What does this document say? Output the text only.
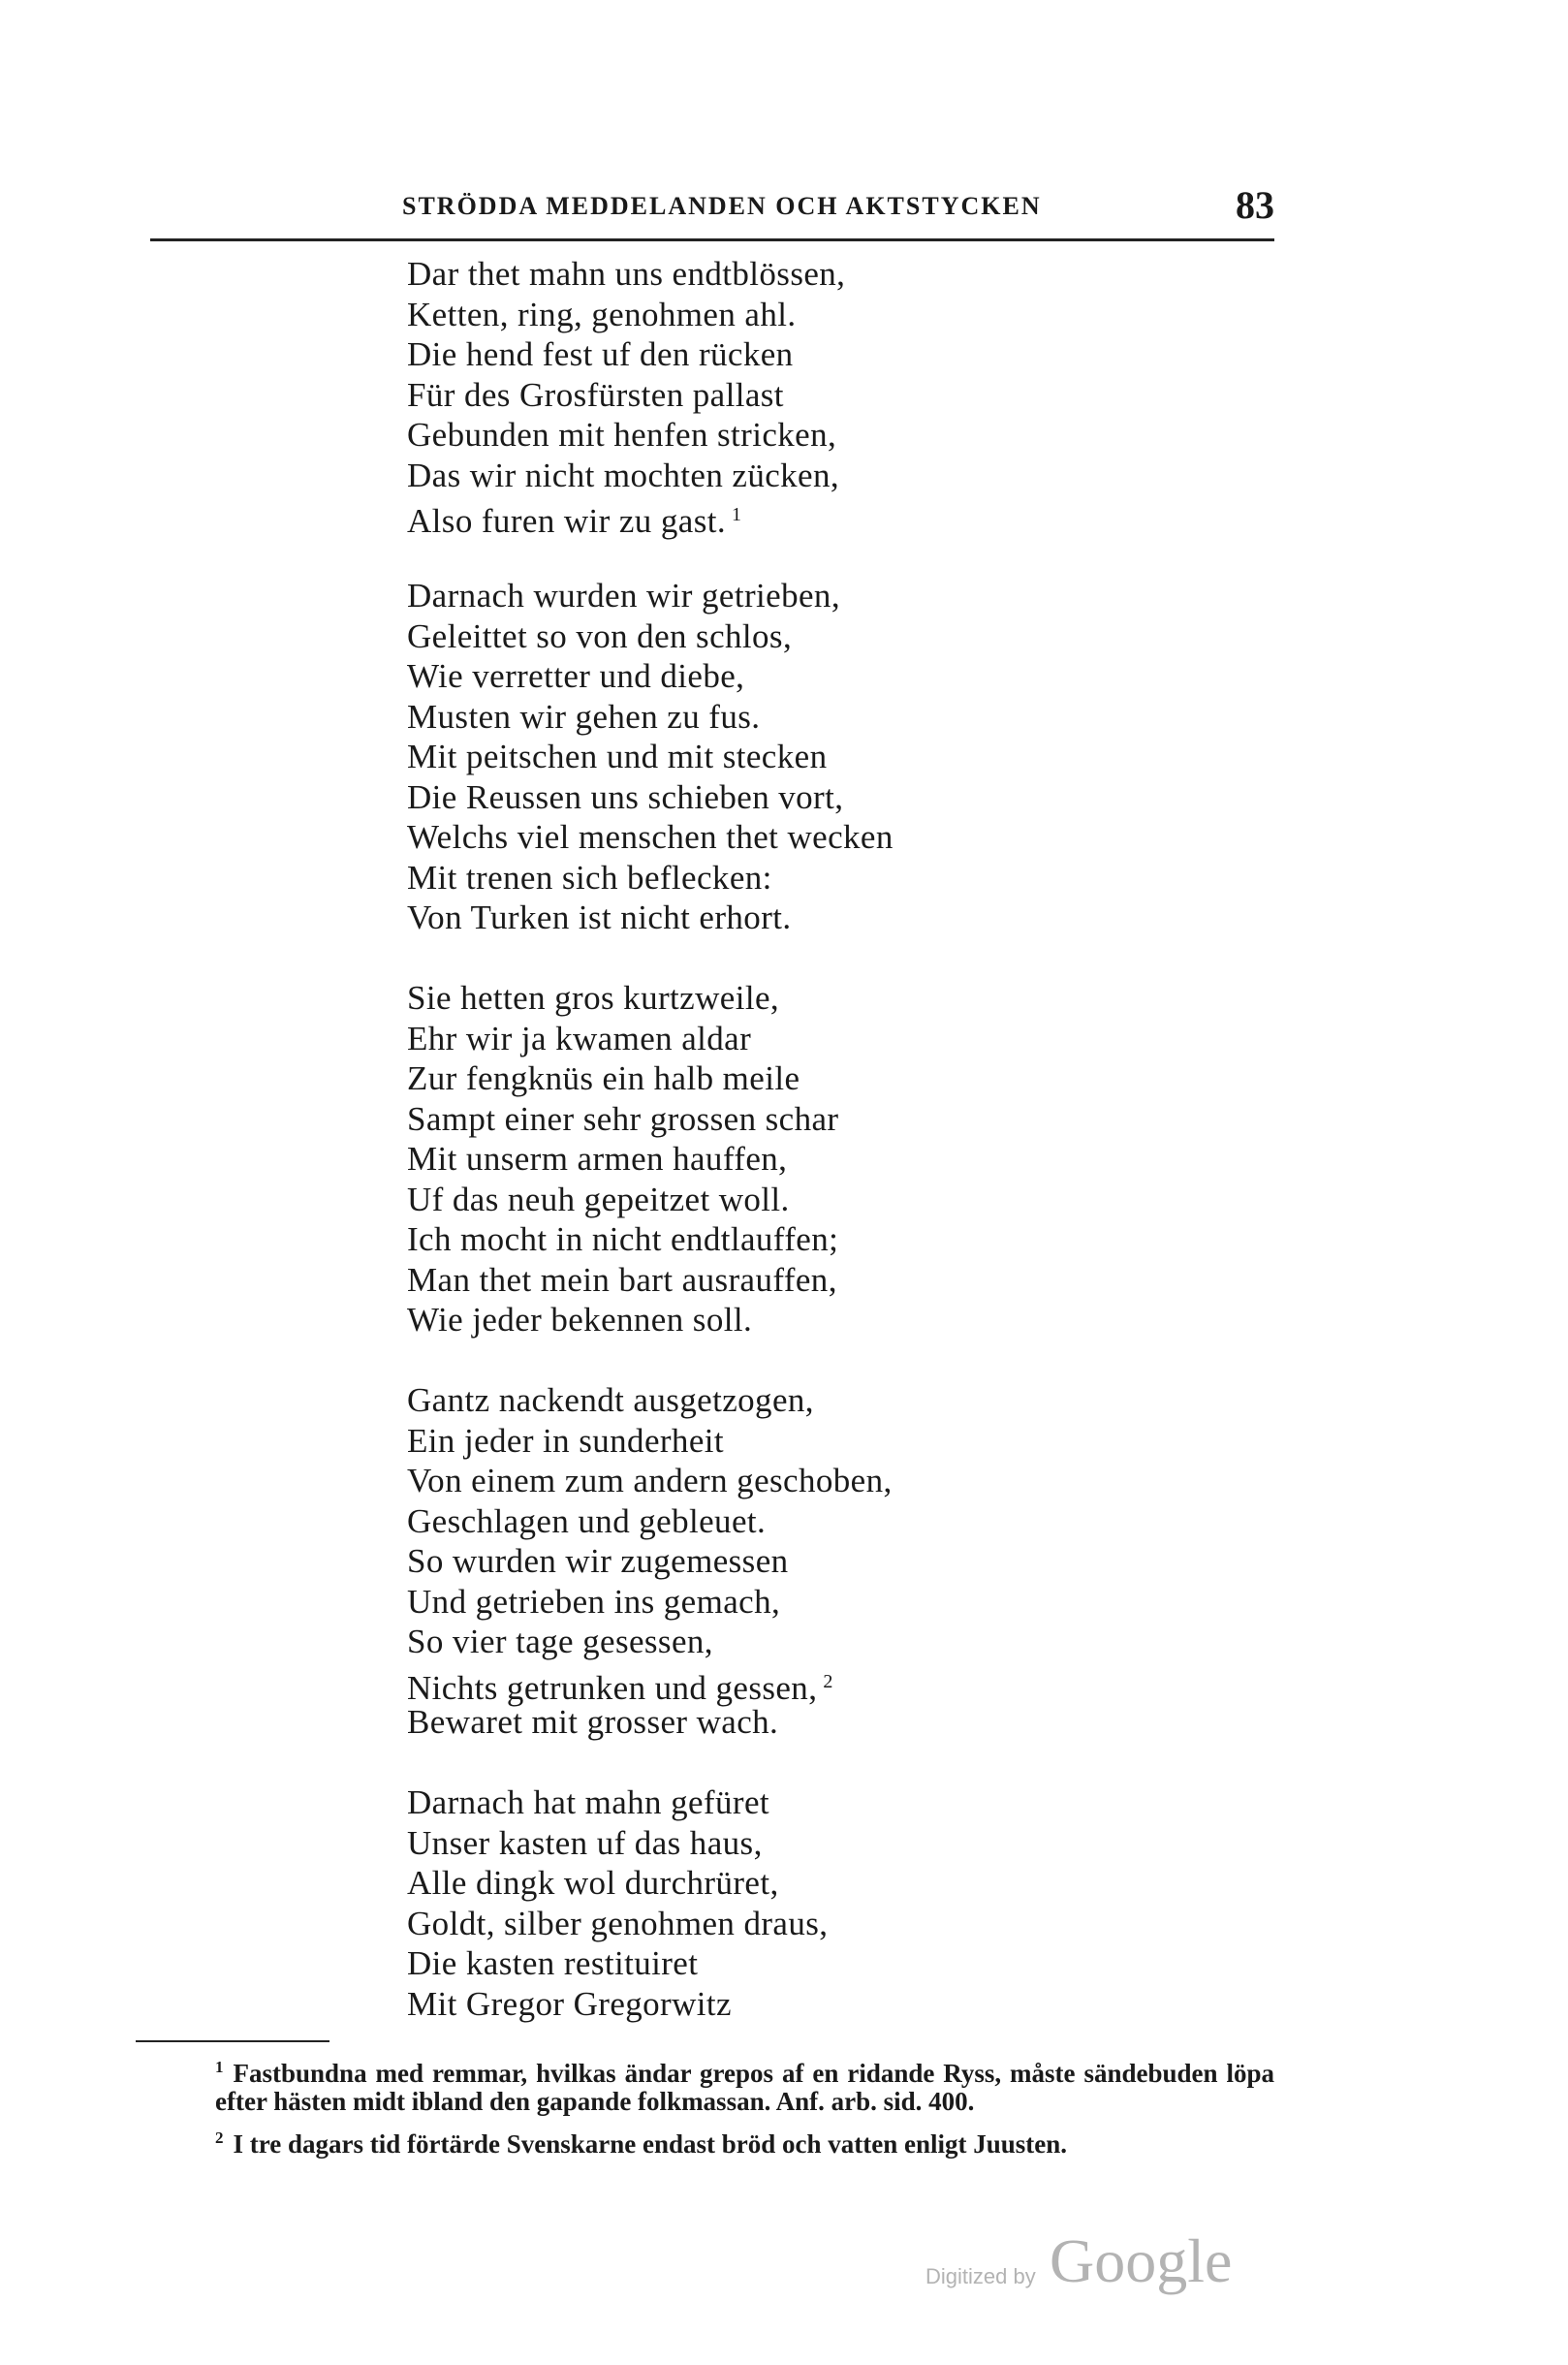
STRÖDDA MEDDELANDEN OCH AKTSTYCKEN	83
Dar thet mahn uns endtblössen,
Ketten, ring, genohmen ahl.
Die hend fest uf den rücken
Für des Grosfürsten pallast
Gebunden mit henfen stricken,
Das wir nicht mochten zücken,
Also furen wir zu gast. $^1$
Darnach wurden wir getrieben,
Geleittet so von den schlos,
Wie verretter und diebe,
Musten wir gehen zu fus.
Mit peitschen und mit stecken
Die Reussen uns schieben vort,
Welchs viel menschen thet wecken
Mit trenen sich beflecken:
Von Turken ist nicht erhort.
Sie hetten gros kurtzweile,
Ehr wir ja kwamen aldar
Zur fengknüs ein halb meile
Sampt einer sehr grossen schar
Mit unserm armen hauffen,
Uf das neuh gepeitzet woll.
Ich mocht in nicht endtlauffen;
Man thet mein bart ausrauffen,
Wie jeder bekennen soll.
Gantz nackendt ausgetzogen,
Ein jeder in sunderheit
Von einem zum andern geschoben,
Geschlagen und gebleuet.
So wurden wir zugemessen
Und getrieben ins gemach,
So vier tage gesessen,
Nichts getrunken und gessen, $^2$
Bewaret mit grosser wach.
Darnach hat mahn gefüret
Unser kasten uf das haus,
Alle dingk wol durchrüret,
Goldt, silber genohmen draus,
Die kasten restituiret
Mit Gregor Gregorwitz
$^1$ Fastbundna med remmar, hvilkas ändar grepos af en ridande Ryss, måste sändebuden löpa efter hästen midt ibland den gapande folkmassan. Anf. arb. sid. 400.
$^2$ I tre dagars tid förtärde Svenskarne endast bröd och vatten enligt Juusten.
Digitized by Google
